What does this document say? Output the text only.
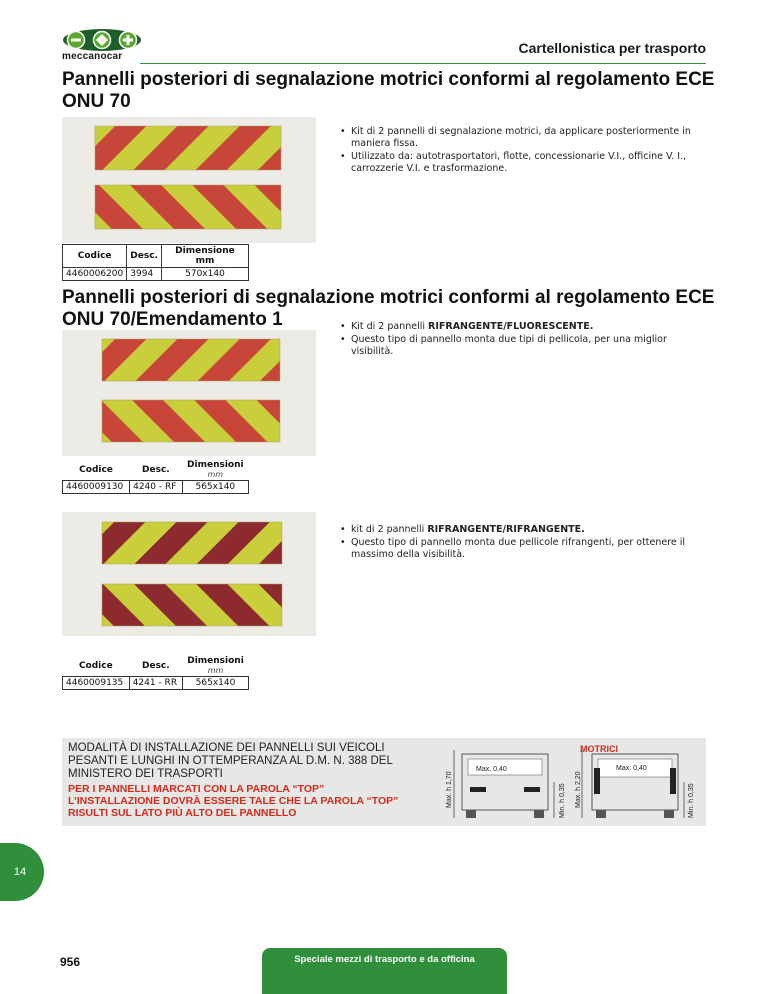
meccanocar
Cartellonistica per trasporto
Pannelli posteriori di segnalazione motrici conformi al regolamento ECE ONU 70
• Kit di 2 pannelli di segnalazione motrici, da applicare posteriormente in maniera fissa.
• Utilizzato da: autotrasportatori, flotte, concessionarie V.I., officine V. I., carrozzerie V.I. e trasformazione.
Codice	Desc.	Dimensione mm
4460006200	3994	570x140
Pannelli posteriori di segnalazione motrici conformi al regolamento ECE ONU 70/Emendamento 1	• Kit di 2 pannelli RIFRANGENTE/FLUORESCENTE.
• Questo tipo di pannello monta due tipi di pellicola, per una miglior visibilità.
Codice	Desc.	Dimensioni
mm

4460009130	4240 - RF	565x140
• kit di 2 pannelli RIFRANGENTE/RIFRANGENTE.
• Questo tipo di pannello monta due pellicole rifrangenti, per ottenere il massimo della visibilità.
Codice	Desc.	Dimensioni
mm

4460009135	4241 - RR	565x140
MODALITÀ DI INSTALLAZIONE DEI PANNELLI SUI VEICOLI PESANTI E LUNGHI IN OTTEMPERANZA AL D.M. N. 388 DEL MINISTERO DEI TRASPORTI
PER I PANNELLI MARCATI CON LA PAROLA “TOP” L’INSTALLAZIONE DOVRÀ ESSERE TALE CHE LA PAROLA “TOP” RISULTI SUL LATO PIÙ ALTO DEL PANNELLO
MOTRICI
Max. h 1,70
Max. 0,40
Min. h 0,35 Max. h 2,20
Max. 0,40
Min. h 0,35
14
956	Speciale mezzi di trasporto e da officina
